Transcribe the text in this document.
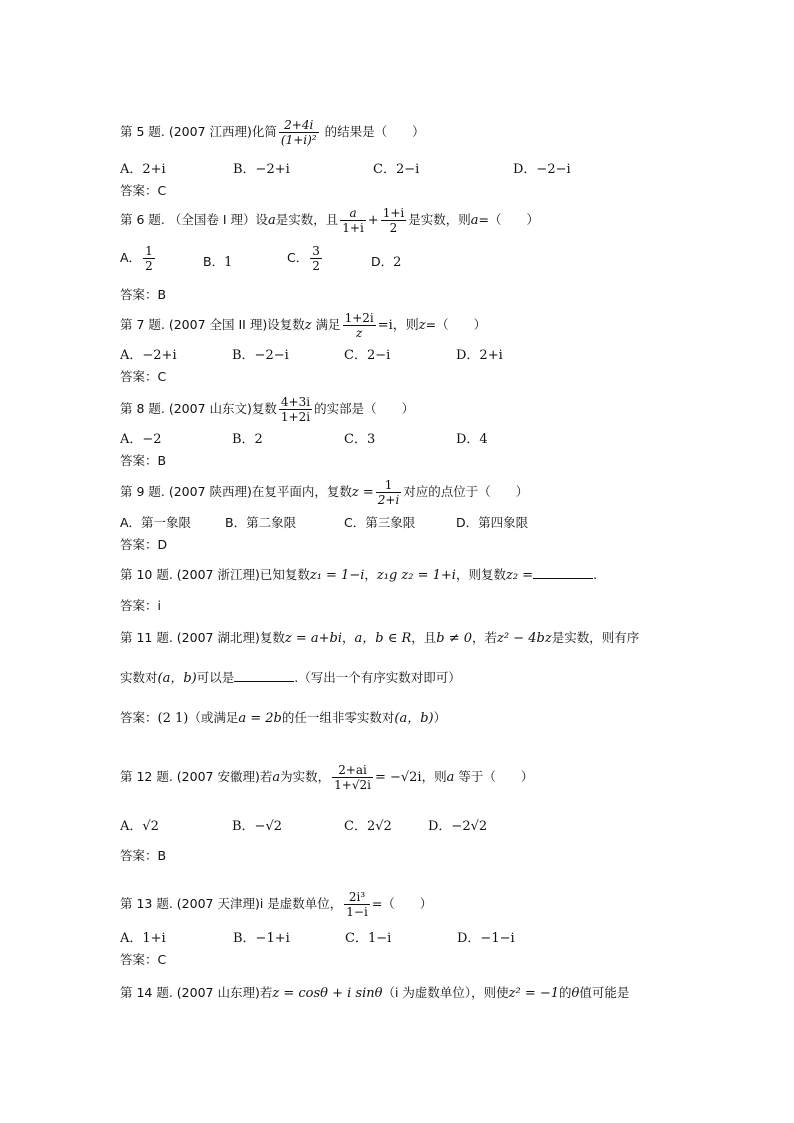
第 5 题. (2007 江西理)化简 $\frac{2+4i}{\text{(1+i)²}}$ 的结果是（　　）
A．2+i	B．−2+i	C．2−i	D．−2−i
答案：C
第 6 题. （全国卷 I 理）设a是实数，且 $\frac{a}{1+i} + \frac{1+i}{2}$ 是实数，则a=（　　）
A． $\frac{1}{2}$	B．1	C． $\frac{3}{2}$	D．2
答案：B
第 7 题. (2007 全国 II 理)设复数z 满足 $\frac{1+2i}{z} =i$，则z=（　　）
A．−2+i	B．−2−i	C．2−i	D．2+i
答案：C
第 8 题. (2007 山东文)复数 $\frac{4+3i}{1+2i}$ 的实部是（　　）
A．−2	B．2	C．3	D．4
答案：B
第 9 题. (2007 陕西理)在复平面内，复数$z = \frac{1}{2+i}$ 对应的点位于（　　）
A．第一象限	B．第二象限	C．第三象限	D．第四象限
答案：D
第 10 题. (2007 浙江理)已知复数z₁ = 1−i，z₁g z₂ = 1+i，则复数z₂ =	.
答案：i
第 11 题. (2007 湖北理)复数z = a+bi，a，b ∈ R，且b ≠ 0，若z² − 4bz是实数，则有序
实数对(a，b)可以是	.（写出一个有序实数对即可）
答案：(2 1)（或满足a = 2b的任一组非零实数对(a，b)）
第 12 题. (2007 安徽理)若a为实数， $\frac{2+ai}{1+√2i} = -√2i$，则a 等于（　　）
A．√2	B．−√2	C．2√2	D．−2√2
答案：B
第 13 题. (2007 天津理)i 是虚数单位， $\frac{\text{2i³}}{1-i}$ =（　　）
A．1+i	B．−1+i	C．1−i	D．−1−i
答案：C
第 14 题. (2007 山东理)若z = cosθ + i sinθ（i 为虚数单位），则使z² = −1的θ值可能是
